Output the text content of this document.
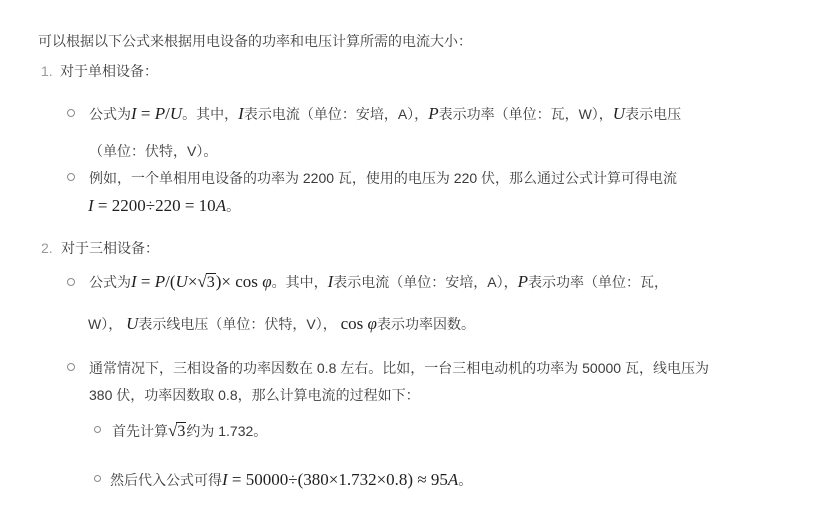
可以根据以下公式来根据用电设备的功率和电压计算所需的电流大小：
1. 对于单相设备：
公式为I = P/U。其中，I表示电流（单位：安培，A），P表示功率（单位：瓦，W），U表示电压
（单位：伏特，V）。
例如，一个单相用电设备的功率为 2200 瓦，使用的电压为 220 伏，那么通过公式计算可得电流
I = 2200÷220 = 10A。
2. 对于三相设备：
公式为I = P/(U×√3)× cos φ。其中，I表示电流（单位：安培，A），P表示功率（单位：瓦，
W）， U表示线电压（单位：伏特，V）， cos φ表示功率因数。
通常情况下，三相设备的功率因数在 0.8 左右。比如，一台三相电动机的功率为 50000 瓦，线电压为
380 伏，功率因数取 0.8，那么计算电流的过程如下：
首先计算√3约为 1.732。
然后代入公式可得I = 50000÷(380×1.732×0.8) ≈ 95A。
